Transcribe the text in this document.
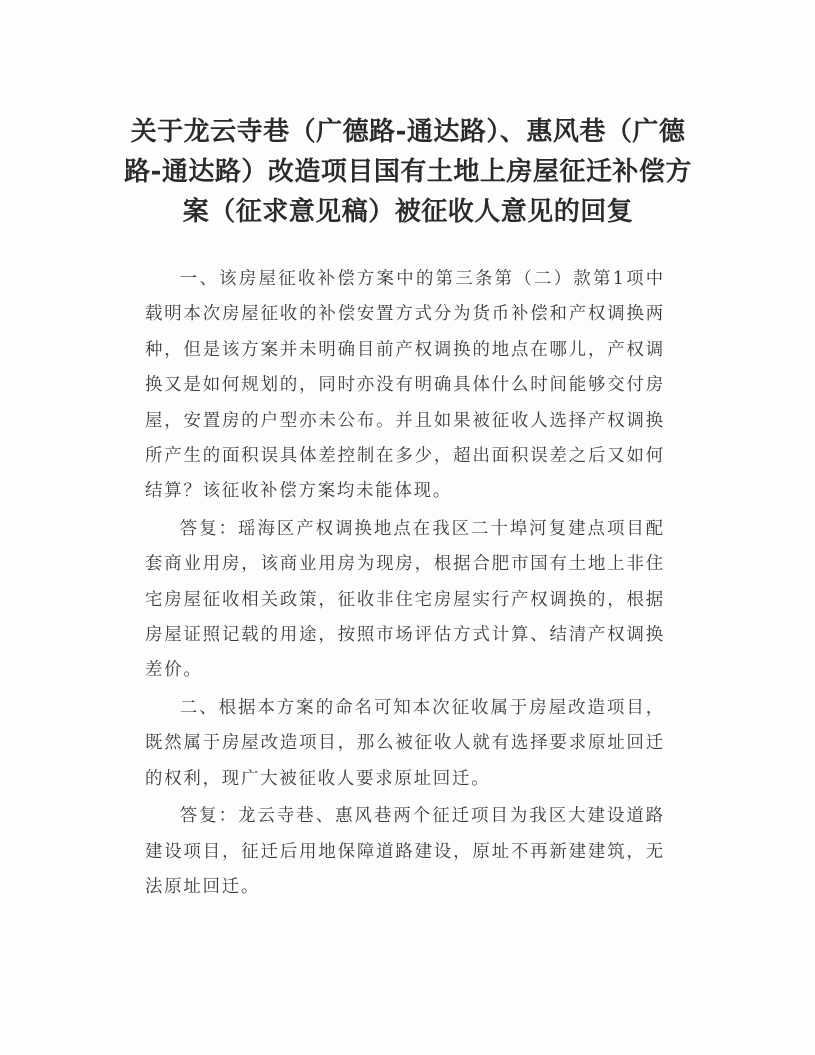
关于龙云寺巷（广德路-通达路）、惠风巷（广德路-通达路）改造项目国有土地上房屋征迁补偿方案（征求意见稿）被征收人意见的回复

一、该房屋征收补偿方案中的第三条第（二）款第1项中载明本次房屋征收的补偿安置方式分为货币补偿和产权调换两种，但是该方案并未明确目前产权调换的地点在哪儿，产权调换又是如何规划的，同时亦没有明确具体什么时间能够交付房屋，安置房的户型亦未公布。并且如果被征收人选择产权调换所产生的面积误具体差控制在多少，超出面积误差之后又如何结算？该征收补偿方案均未能体现。

答复：瑶海区产权调换地点在我区二十埠河复建点项目配套商业用房，该商业用房为现房，根据合肥市国有土地上非住宅房屋征收相关政策，征收非住宅房屋实行产权调换的，根据房屋证照记载的用途，按照市场评估方式计算、结清产权调换差价。

二、根据本方案的命名可知本次征收属于房屋改造项目，既然属于房屋改造项目，那么被征收人就有选择要求原址回迁的权利，现广大被征收人要求原址回迁。

答复：龙云寺巷、惠风巷两个征迁项目为我区大建设道路建设项目，征迁后用地保障道路建设，原址不再新建建筑，无法原址回迁。
